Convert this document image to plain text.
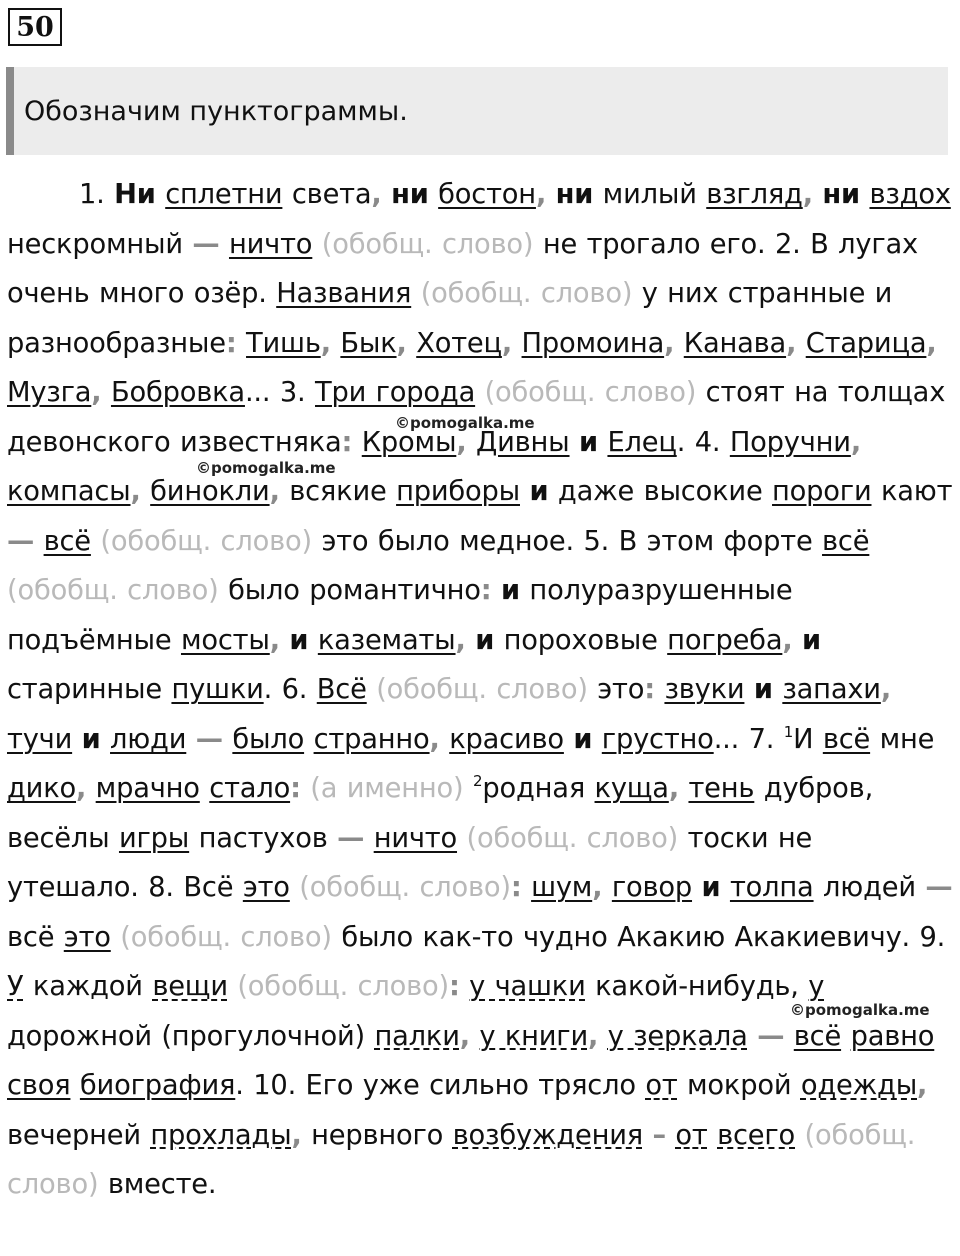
50
Обозначим пунктограммы.
©pomogalka.me
©pomogalka.me
©pomogalka.me
1. Ни сплетни света, ни бостон, ни милый взгляд, ни вздох нескромный — ничто (обобщ. слово) не трогало его. 2. В лугах очень много озёр. Названия (обобщ. слово) у них странные и разнообразные: Тишь, Бык, Хотец, Промоина, Канава, Старица, Музга, Бобровка... 3. Три города (обобщ. слово) стоят на толщах девонского известняка: Кромы, Дивны и Елец. 4. Поручни, компасы, бинокли, всякие приборы и даже высокие пороги кают — всё (обобщ. слово) это было медное. 5. В этом форте всё (обобщ. слово) было романтично: и полуразрушенные подъёмные мосты, и казематы, и пороховые погреба, и старинные пушки. 6. Всё (обобщ. слово) это: звуки и запахи, тучи и люди — было странно, красиво и грустно... 7. $^1$И всё мне дико, мрачно стало: (а именно) $^2$родная куща, тень дубров, весёлы игры пастухов — ничто (обобщ. слово) тоски не утешало. 8. Всё это (обобщ. слово): шум, говор и толпа людей — всё это (обобщ. слово) было как-то чудно Акакию Акакиевичу. 9. У каждой вещи (обобщ. слово): у чашки какой-нибудь, у дорожной (прогулочной) палки, у книги, у зеркала — всё равно своя биография. 10. Его уже сильно трясло от мокрой одежды, вечерней прохлады, нервного возбуждения – от всего (обобщ. слово) вместе.
